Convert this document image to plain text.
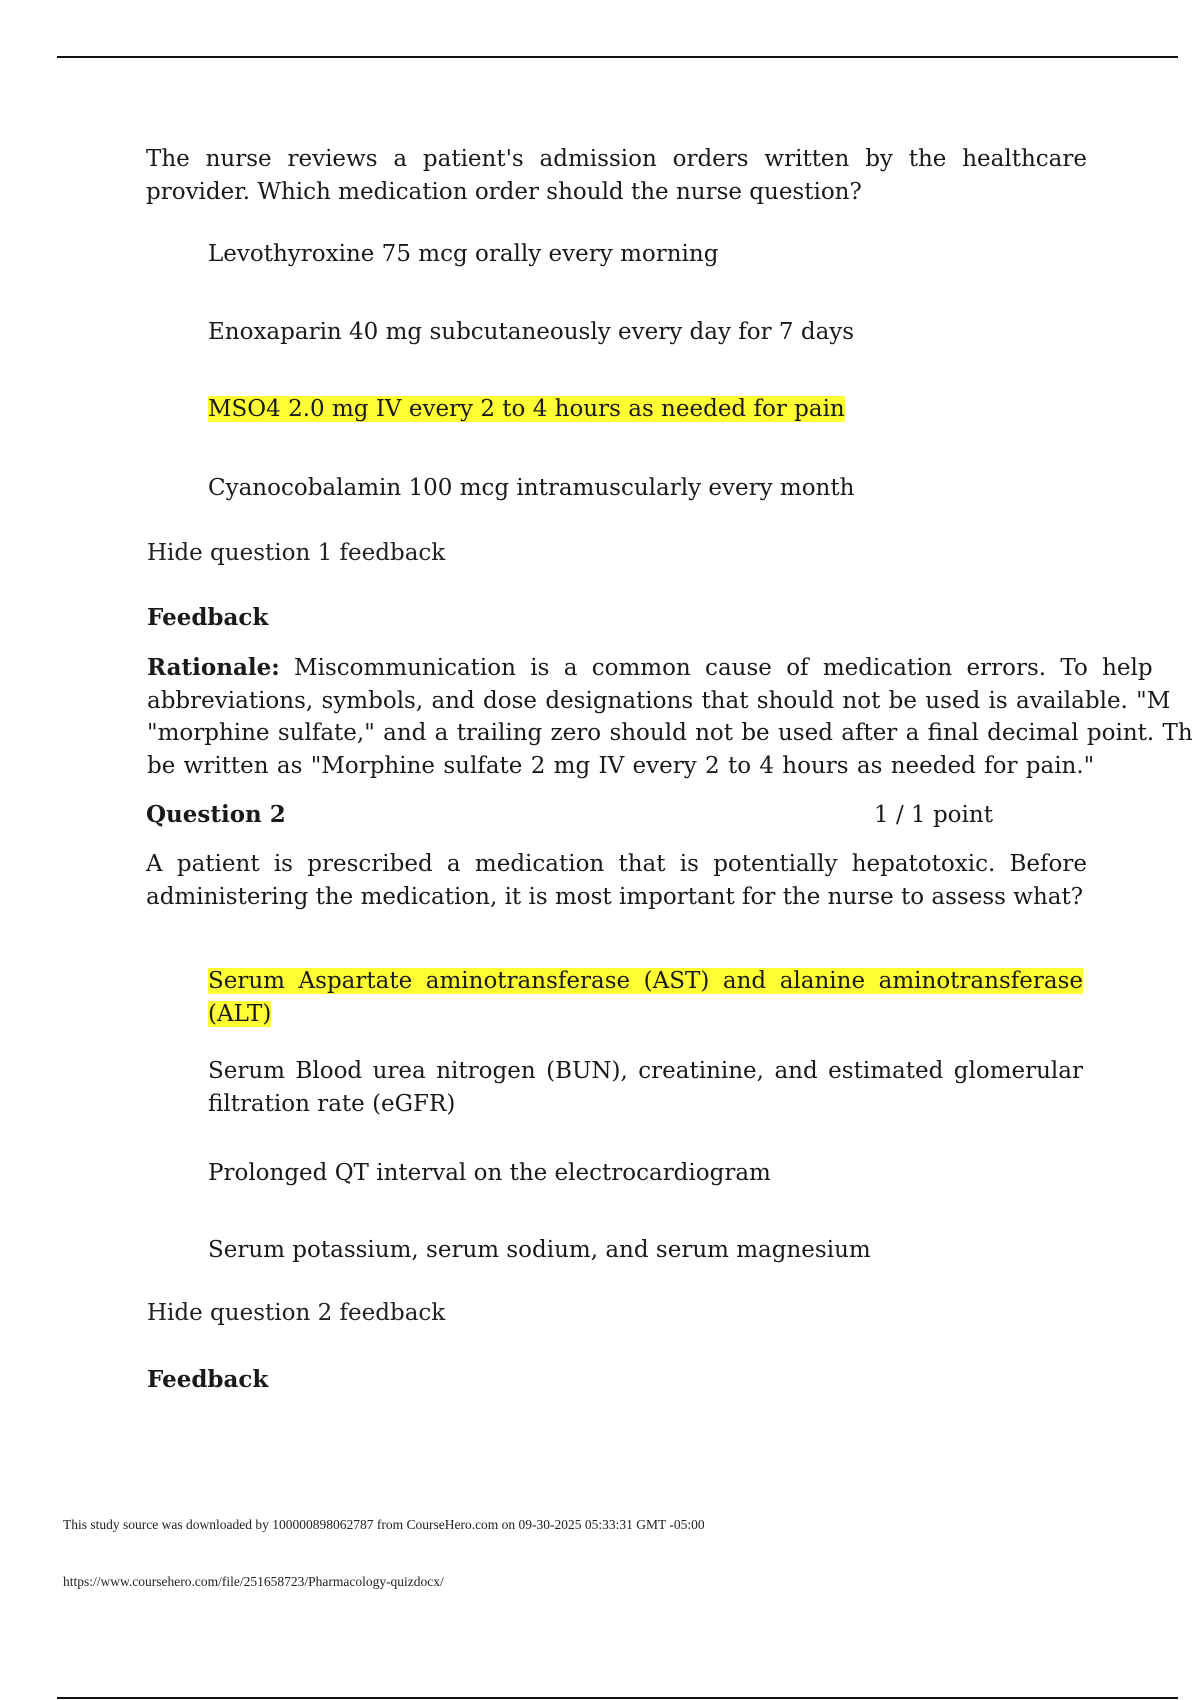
The nurse reviews a patient's admission orders written by the healthcare provider. Which medication order should the nurse question?

Levothyroxine 75 mcg orally every morning

Enoxaparin 40 mg subcutaneously every day for 7 days

MSO4 2.0 mg IV every 2 to 4 hours as needed for pain

Cyanocobalamin 100 mcg intramuscularly every month

Hide question 1 feedback

Feedback

Rationale: Miscommunication is a common cause of medication errors. To help
abbreviations, symbols, and dose designations that should not be used is available. "M
"morphine sulfate," and a trailing zero should not be used after a final decimal point. Th
be written as "Morphine sulfate 2 mg IV every 2 to 4 hours as needed for pain."

Question 2	1 / 1 point

A patient is prescribed a medication that is potentially hepatotoxic. Before administering the medication, it is most important for the nurse to assess what?

Serum Aspartate aminotransferase (AST) and alanine aminotransferase (ALT)

Serum Blood urea nitrogen (BUN), creatinine, and estimated glomerular filtration rate (eGFR)

Prolonged QT interval on the electrocardiogram

Serum potassium, serum sodium, and serum magnesium

Hide question 2 feedback

Feedback

This study source was downloaded by 100000898062787 from CourseHero.com on 09-30-2025 05:33:31 GMT -05:00
https://www.coursehero.com/file/251658723/Pharmacology-quizdocx/
